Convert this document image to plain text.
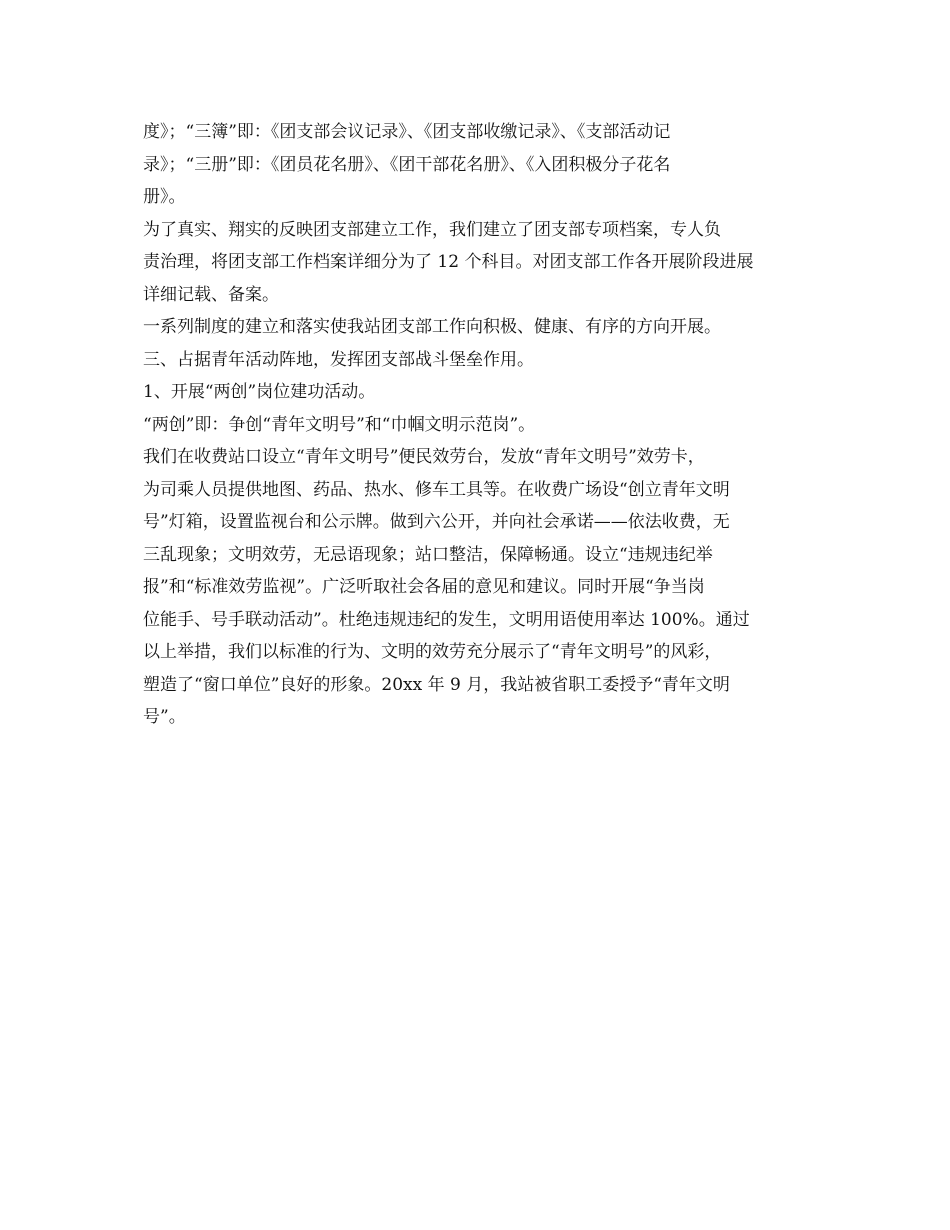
度》；“三簿”即：《团支部会议记录》、《团支部收缴记录》、《支部活动记
录》；“三册”即：《团员花名册》、《团干部花名册》、《入团积极分子花名
册》。
为了真实、翔实的反映团支部建立工作，我们建立了团支部专项档案，专人负
责治理，将团支部工作档案详细分为了 12 个科目。对团支部工作各开展阶段进展
详细记载、备案。
一系列制度的建立和落实使我站团支部工作向积极、健康、有序的方向开展。
三、占据青年活动阵地，发挥团支部战斗堡垒作用。
1、开展“两创”岗位建功活动。
“两创”即：争创“青年文明号”和“巾帼文明示范岗”。
我们在收费站口设立“青年文明号”便民效劳台，发放“青年文明号”效劳卡，
为司乘人员提供地图、药品、热水、修车工具等。在收费广场设“创立青年文明
号”灯箱，设置监视台和公示牌。做到六公开，并向社会承诺——依法收费，无
三乱现象；文明效劳，无忌语现象；站口整洁，保障畅通。设立“违规违纪举
报”和“标准效劳监视”。广泛听取社会各届的意见和建议。同时开展“争当岗
位能手、号手联动活动”。杜绝违规违纪的发生，文明用语使用率达 100%。通过
以上举措，我们以标准的行为、文明的效劳充分展示了“青年文明号”的风彩，
塑造了“窗口单位”良好的形象。20xx 年 9 月，我站被省职工委授予“青年文明
号”。
